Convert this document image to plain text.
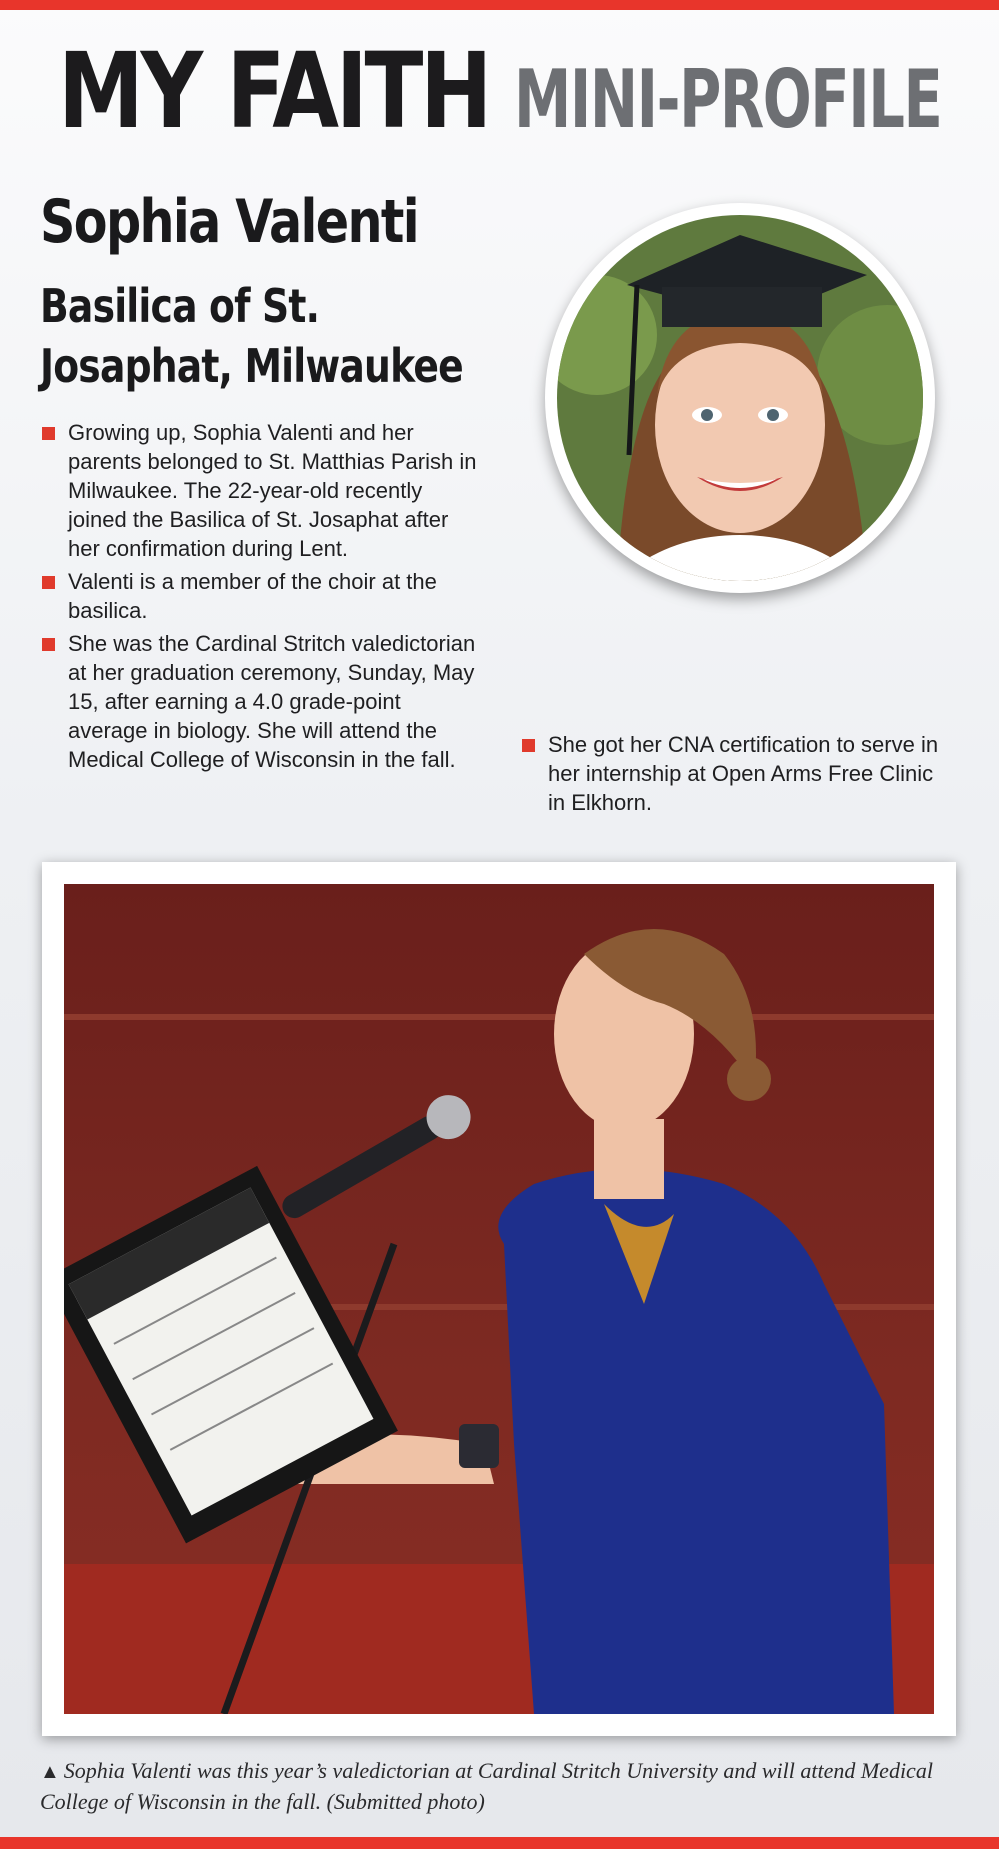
MY FAITH MINI-PROFILE
Sophia Valenti
Basilica of St. Josaphat, Milwaukee
Growing up, Sophia Valenti and her parents belonged to St. Matthias Parish in Milwaukee. The 22-year-old recently joined the Basilica of St. Josaphat after her confirmation during Lent.
Valenti is a member of the choir at the basilica.
She was the Cardinal Stritch valedictorian at her graduation ceremony, Sunday, May 15, after earning a 4.0 grade-point average in biology. She will attend the Medical College of Wisconsin in the fall.
She got her CNA certification to serve in her internship at Open Arms Free Clinic in Elkhorn.
▲ Sophia Valenti was this year’s valedictorian at Cardinal Stritch University and will attend Medical College of Wisconsin in the fall. (Submitted photo)
